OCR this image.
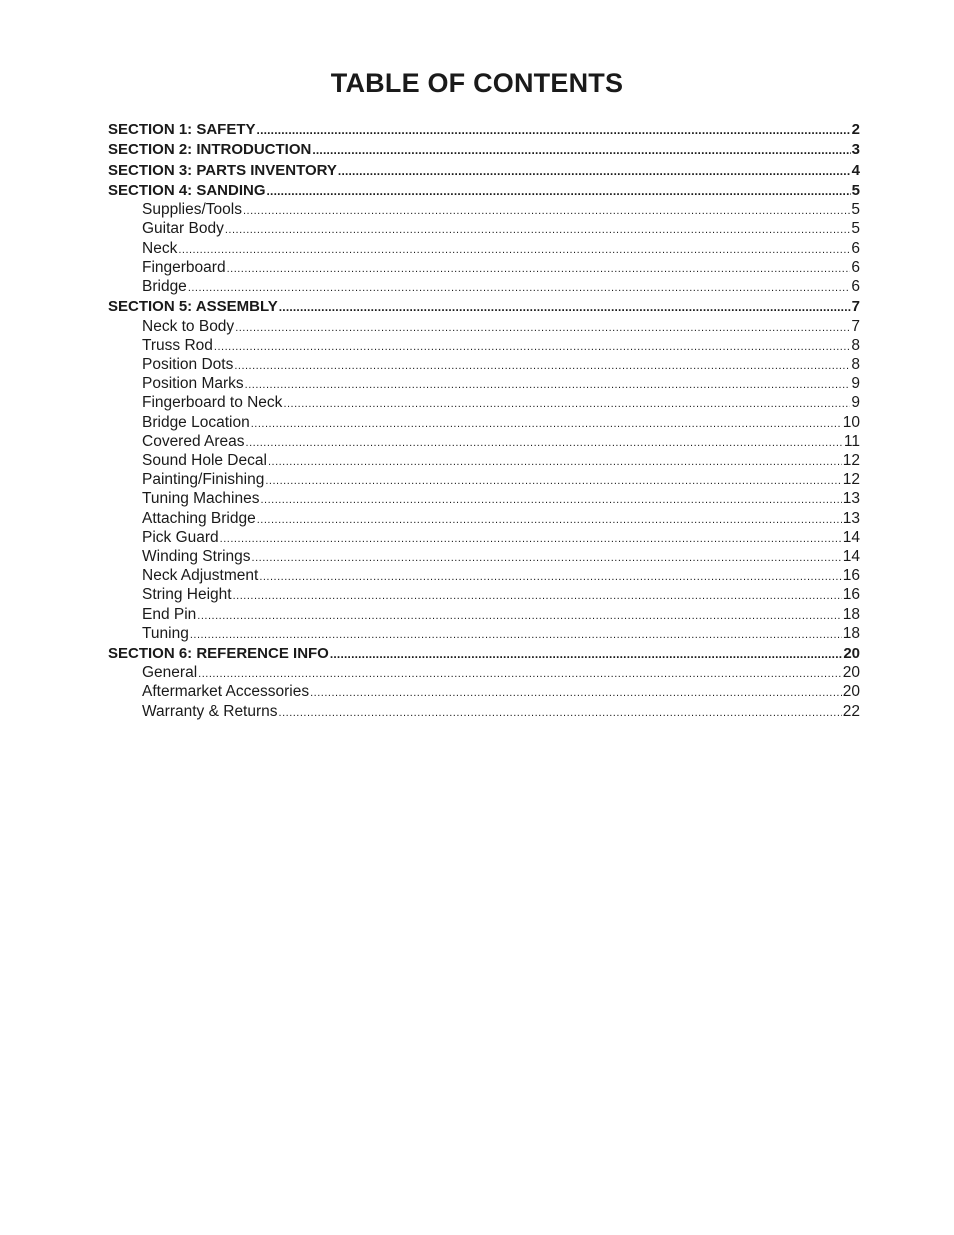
TABLE OF CONTENTS
SECTION 1: SAFETY .....	2
SECTION 2: INTRODUCTION .....	3
SECTION 3: PARTS INVENTORY .....	4
SECTION 4: SANDING .....	5
Supplies/Tools .....	5
Guitar Body .....	5
Neck .....	6
Fingerboard .....	6
Bridge .....	6
SECTION 5: ASSEMBLY .....	7
Neck to Body .....	7
Truss Rod .....	8
Position Dots .....	8
Position Marks .....	9
Fingerboard to Neck .....	9
Bridge Location .....	10
Covered Areas .....	11
Sound Hole Decal .....	12
Painting/Finishing .....	12
Tuning Machines .....	13
Attaching Bridge .....	13
Pick Guard .....	14
Winding Strings .....	14
Neck Adjustment .....	16
String Height .....	16
End Pin .....	18
Tuning .....	18
SECTION 6: REFERENCE INFO .....	20
General .....	20
Aftermarket Accessories .....	20
Warranty & Returns .....	22
